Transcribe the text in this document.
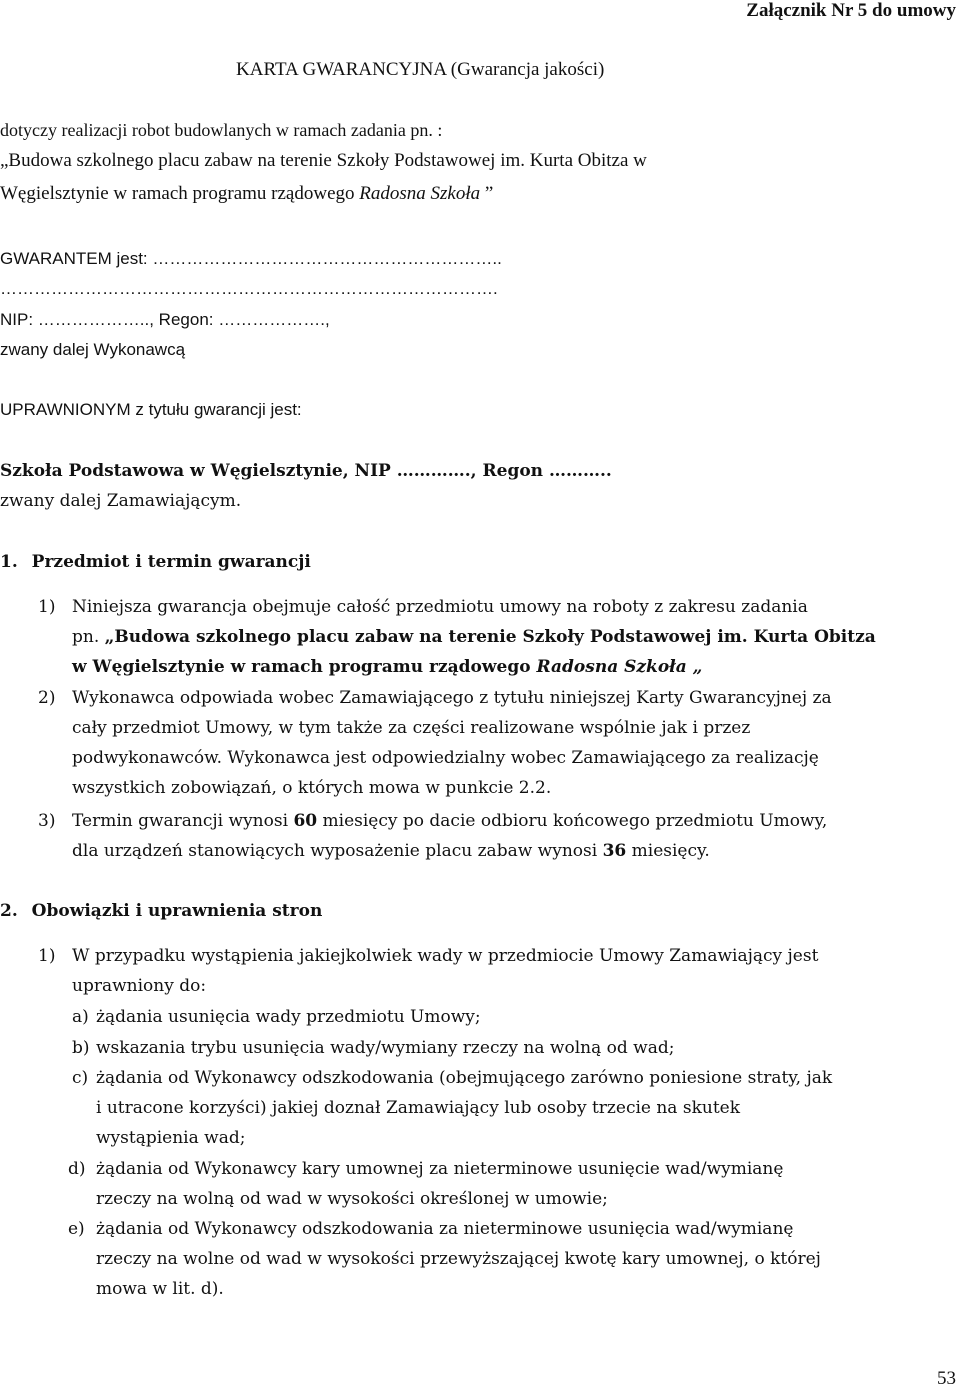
Załącznik Nr 5 do umowy
KARTA GWARANCYJNA (Gwarancja jakości)
dotyczy realizacji robot budowlanych w ramach zadania pn. :
„Budowa szkolnego placu zabaw na terenie Szkoły Podstawowej im. Kurta Obitza w
Węgielsztynie w ramach programu rządowego Radosna Szkoła ”
GWARANTEM jest: ……………………………………………………..
…………………………………………………………………………….
NIP: ……………….., Regon: ……………….,
zwany dalej Wykonawcą
UPRAWNIONYM z tytułu gwarancji jest:
Szkoła Podstawowa w Węgielsztynie, NIP …………., Regon ………..
zwany dalej Zamawiającym.
1. Przedmiot i termin gwarancji
1) Niniejsza gwarancja obejmuje całość przedmiotu umowy na roboty z zakresu zadania
pn. „Budowa szkolnego placu zabaw na terenie Szkoły Podstawowej im. Kurta Obitza
w Węgielsztynie w ramach programu rządowego Radosna Szkoła „
2) Wykonawca odpowiada wobec Zamawiającego z tytułu niniejszej Karty Gwarancyjnej za
cały przedmiot Umowy, w tym także za części realizowane wspólnie jak i przez
podwykonawców. Wykonawca jest odpowiedzialny wobec Zamawiającego za realizację
wszystkich zobowiązań, o których mowa w punkcie 2.2.
3) Termin gwarancji wynosi 60 miesięcy po dacie odbioru końcowego przedmiotu Umowy,
dla urządzeń stanowiących wyposażenie placu zabaw wynosi 36 miesięcy.
2. Obowiązki i uprawnienia stron
1) W przypadku wystąpienia jakiejkolwiek wady w przedmiocie Umowy Zamawiający jest
uprawniony do:
a) żądania usunięcia wady przedmiotu Umowy;
b) wskazania trybu usunięcia wady/wymiany rzeczy na wolną od wad;
c) żądania od Wykonawcy odszkodowania (obejmującego zarówno poniesione straty, jak
i utracone korzyści) jakiej doznał Zamawiający lub osoby trzecie na skutek
wystąpienia wad;
d) żądania od Wykonawcy kary umownej za nieterminowe usunięcie wad/wymianę
rzeczy na wolną od wad w wysokości określonej w umowie;
e) żądania od Wykonawcy odszkodowania za nieterminowe usunięcia wad/wymianę
rzeczy na wolne od wad w wysokości przewyższającej kwotę kary umownej, o której
mowa w lit. d).
53
